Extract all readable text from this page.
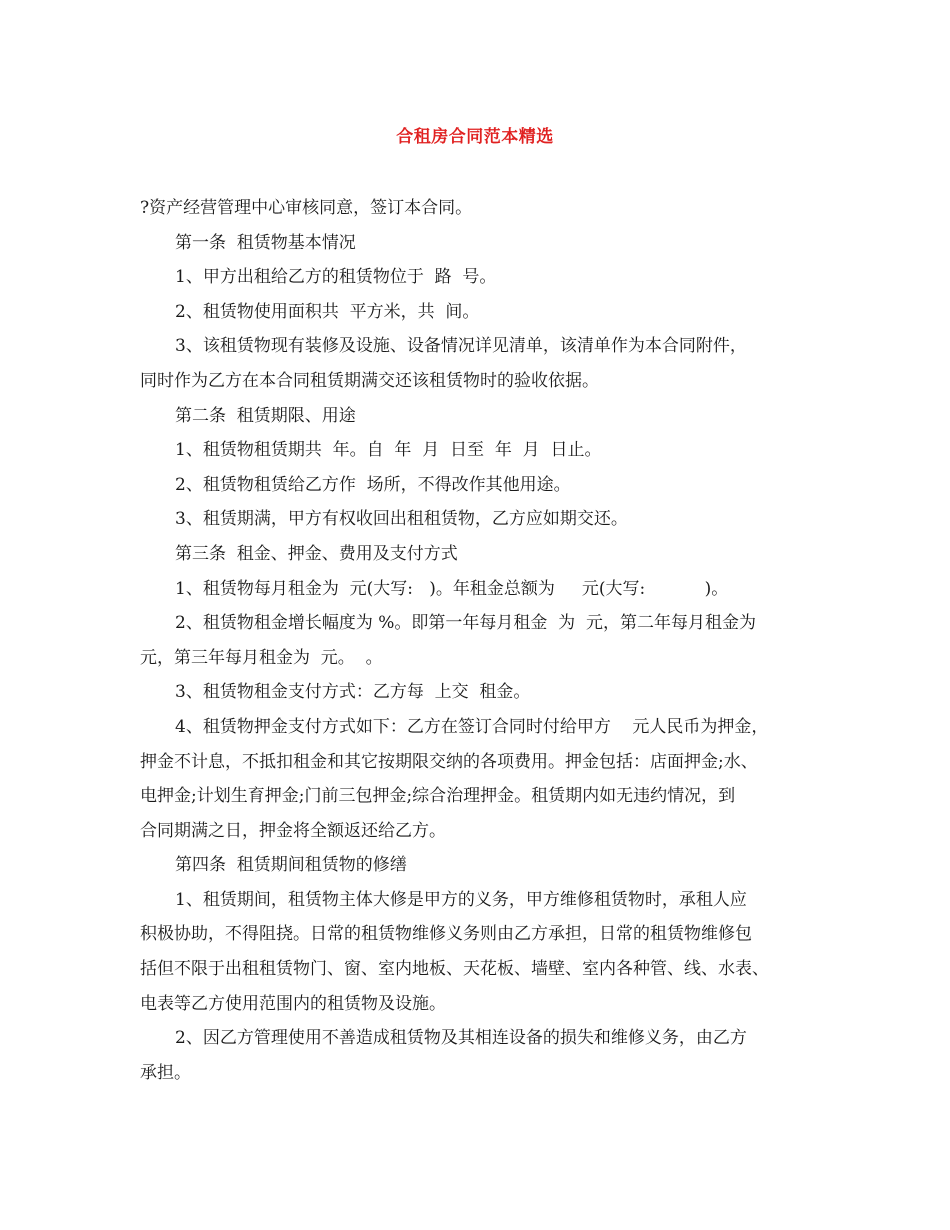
合租房合同范本精选
?资产经营管理中心审核同意，签订本合同。
第一条  租赁物基本情况
1、甲方出租给乙方的租赁物位于  路  号。
2、租赁物使用面积共  平方米，共  间。
3、该租赁物现有装修及设施、设备情况详见清单，该清单作为本合同附件，
同时作为乙方在本合同租赁期满交还该租赁物时的验收依据。
第二条  租赁期限、用途
1、租赁物租赁期共  年。自  年  月  日至  年  月  日止。
2、租赁物租赁给乙方作  场所，不得改作其他用途。
3、租赁期满，甲方有权收回出租租赁物，乙方应如期交还。
第三条  租金、押金、费用及支付方式
1、租赁物每月租金为  元(大写:   )。年租金总额为     元(大写:           )。
2、租赁物租金增长幅度为 %。即第一年每月租金  为  元，第二年每月租金为
元，第三年每月租金为  元。  。
3、租赁物租金支付方式：乙方每  上交  租金。
4、租赁物押金支付方式如下：乙方在签订合同时付给甲方    元人民币为押金，
押金不计息，不抵扣租金和其它按期限交纳的各项费用。押金包括：店面押金;水、
电押金;计划生育押金;门前三包押金;综合治理押金。租赁期内如无违约情况，到
合同期满之日，押金将全额返还给乙方。
第四条  租赁期间租赁物的修缮
1、租赁期间，租赁物主体大修是甲方的义务，甲方维修租赁物时，承租人应
积极协助，不得阻挠。日常的租赁物维修义务则由乙方承担，日常的租赁物维修包
括但不限于出租租赁物门、窗、室内地板、天花板、墙壁、室内各种管、线、水表、
电表等乙方使用范围内的租赁物及设施。
2、因乙方管理使用不善造成租赁物及其相连设备的损失和维修义务，由乙方
承担。
